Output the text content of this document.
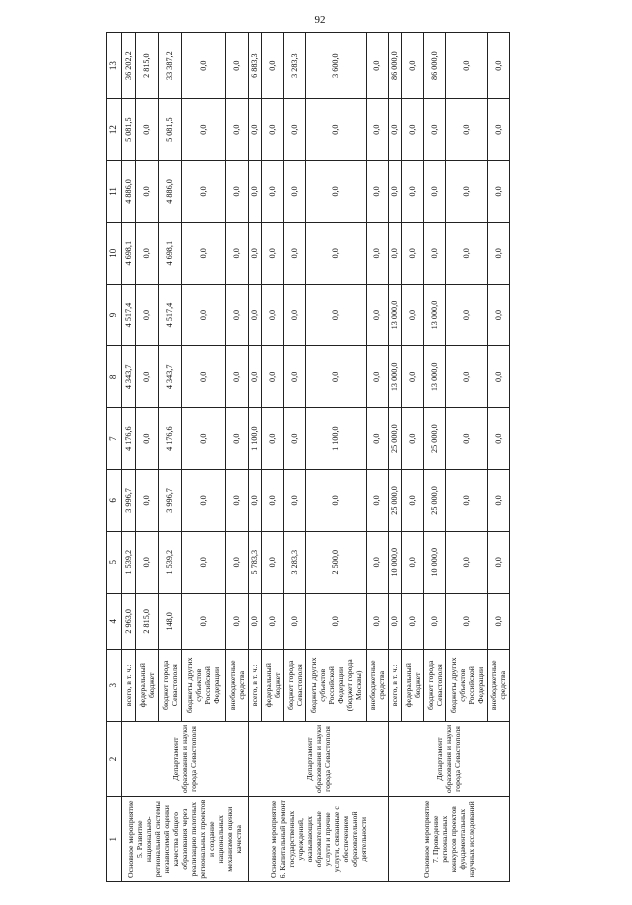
92
1	2	3	4	5	6	7	8	9	10	11	12	13
Основное мероприятие 5. Развитие национально-региональной системы независимой оценки качества общего образования через реализацию пилотных региональных проектов и создание национальных механизмов оценки качества	Департамент образования и науки города Севастополя	всего, в т. ч.:	2 963,0	1 539,2	3 996,7	4 176,6	4 343,7	4 517,4	4 698,1	4 886,0	5 081,5	36 202,2
		федеральный бюджет	2 815,0	0,0	0,0	0,0	0,0	0,0	0,0	0,0	0,0	2 815,0
		бюджет города Севастополя	148,0	1 539,2	3 996,7	4 176,6	4 343,7	4 517,4	4 698,1	4 886,0	5 081,5	33 387,2
		бюджеты других субъектов Российской Федерации	0,0	0,0	0,0	0,0	0,0	0,0	0,0	0,0	0,0	0,0
		внебюджетные средства	0,0	0,0	0,0	0,0	0,0	0,0	0,0	0,0	0,0	0,0
Основное мероприятие 6. Капитальный ремонт государственных учреждений, оказывающих образовательные услуги и прочие услуги, связанные с обеспечением образовательной деятельности	Департамент образования и науки города Севастополя	всего, в т. ч.:	0,0	5 783,3	0,0	1 100,0	0,0	0,0	0,0	0,0	0,0	6 883,3
		федеральный бюджет	0,0	0,0	0,0	0,0	0,0	0,0	0,0	0,0	0,0	0,0
		бюджет города Севастополя	0,0	3 283,3	0,0	0,0	0,0	0,0	0,0	0,0	0,0	3 283,3
		бюджеты других субъектов Российской Федерации (бюджет города Москвы)	0,0	2 500,0	0,0	1 100,0	0,0	0,0	0,0	0,0	0,0	3 600,0
		внебюджетные средства	0,0	0,0	0,0	0,0	0,0	0,0	0,0	0,0	0,0	0,0
Основное мероприятие 7. Проведение региональных конкурсов проектов фундаментальных научных исследований	Департамент образования и науки города Севастополя	всего, в т. ч.:	0,0	10 000,0	25 000,0	25 000,0	13 000,0	13 000,0	0,0	0,0	0,0	86 000,0
		федеральный бюджет	0,0	0,0	0,0	0,0	0,0	0,0	0,0	0,0	0,0	0,0
		бюджет города Севастополя	0,0	10 000,0	25 000,0	25 000,0	13 000,0	13 000,0	0,0	0,0	0,0	86 000,0
		бюджеты других субъектов Российской Федерации	0,0	0,0	0,0	0,0	0,0	0,0	0,0	0,0	0,0	0,0
		внебюджетные средства	0,0	0,0	0,0	0,0	0,0	0,0	0,0	0,0	0,0	0,0
